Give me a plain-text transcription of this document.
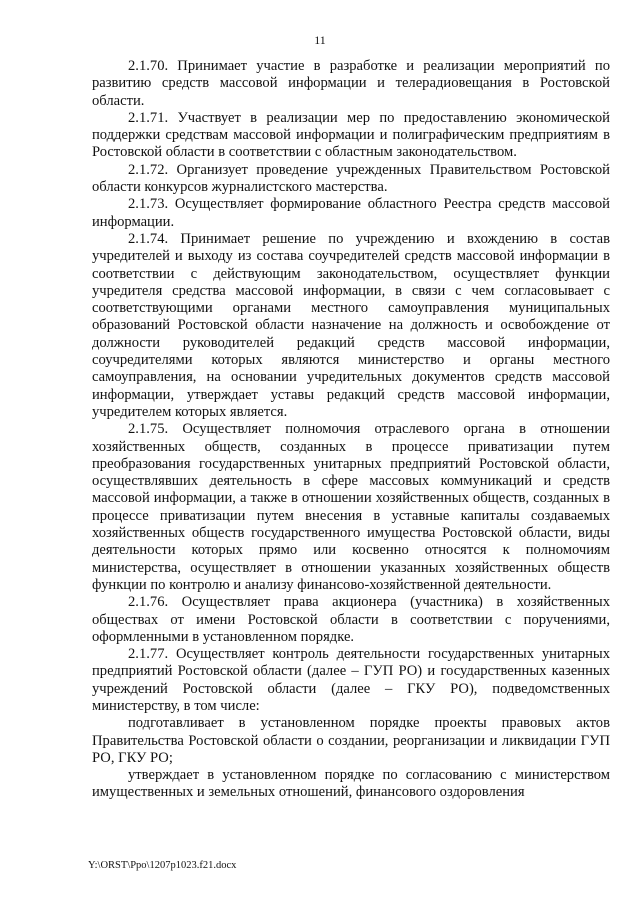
11

2.1.70. Принимает участие в разработке и реализации мероприятий по развитию средств массовой информации и телерадиовещания в Ростовской области.

2.1.71. Участвует в реализации мер по предоставлению экономической поддержки средствам массовой информации и полиграфическим предприятиям в Ростовской области в соответствии с областным законодательством.

2.1.72. Организует проведение учрежденных Правительством Ростовской области конкурсов журналистского мастерства.

2.1.73. Осуществляет формирование областного Реестра средств массовой информации.

2.1.74. Принимает решение по учреждению и вхождению в состав учредителей и выходу из состава соучредителей средств массовой информации в соответствии с действующим законодательством, осуществляет функции учредителя средства массовой информации, в связи с чем согласовывает с соответствующими органами местного самоуправления муниципальных образований Ростовской области назначение на должность и освобождение от должности руководителей редакций средств массовой информации, соучредителями которых являются министерство и органы местного самоуправления, на основании учредительных документов средств массовой информации, утверждает уставы редакций средств массовой информации, учредителем которых является.

2.1.75. Осуществляет полномочия отраслевого органа в отношении хозяйственных обществ, созданных в процессе приватизации путем преобразования государственных унитарных предприятий Ростовской области, осуществлявших деятельность в сфере массовых коммуникаций и средств массовой информации, а также в отношении хозяйственных обществ, созданных в процессе приватизации путем внесения в уставные капиталы создаваемых хозяйственных обществ государственного имущества Ростовской области, виды деятельности которых прямо или косвенно относятся к полномочиям министерства, осуществляет в отношении указанных хозяйственных обществ функции по контролю и анализу финансово-хозяйственной деятельности.

2.1.76. Осуществляет права акционера (участника) в хозяйственных обществах от имени Ростовской области в соответствии с поручениями, оформленными в установленном порядке.

2.1.77. Осуществляет контроль деятельности государственных унитарных предприятий Ростовской области (далее – ГУП РО) и государственных казенных учреждений Ростовской области (далее – ГКУ РО), подведомственных министерству, в том числе:

подготавливает в установленном порядке проекты правовых актов Правительства Ростовской области о создании, реорганизации и ликвидации ГУП РО, ГКУ РО;

утверждает в установленном порядке по согласованию с министерством имущественных и земельных отношений, финансового оздоровления

Y:\ORST\Ppo\1207p1023.f21.docx
